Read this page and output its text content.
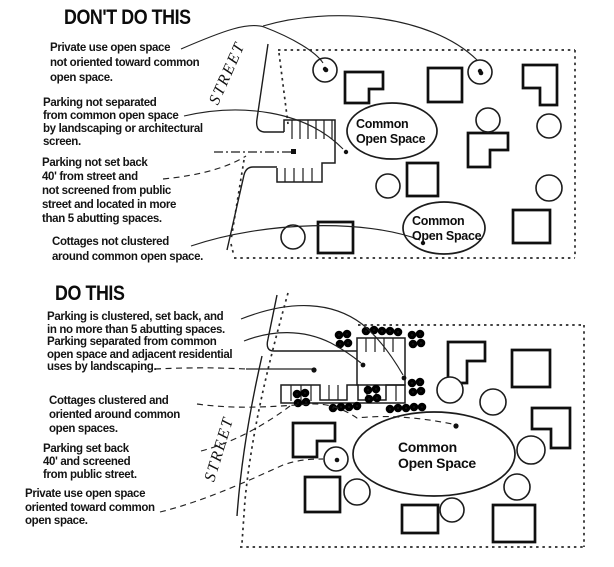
STREET
Common
Open Space
Common
Open Space
STREET	Common
Open Space
DON'T DO THIS
DO THIS
Private use open space
not oriented toward common
open space.
Parking not separated
from common open space
by landscaping or architectural
screen.
Parking not set back
40' from street and
not screened from public
street and located in more
than 5 abutting spaces.
Cottages not clustered
around common open space.
Parking is clustered, set back, and
in no more than 5 abutting spaces.
Parking separated from common
open space and adjacent residential
uses by landscaping.
Cottages clustered and
oriented around common
open spaces.
Parking set back
40' and screened
from public street.
Private use open space
oriented toward common
open space.
